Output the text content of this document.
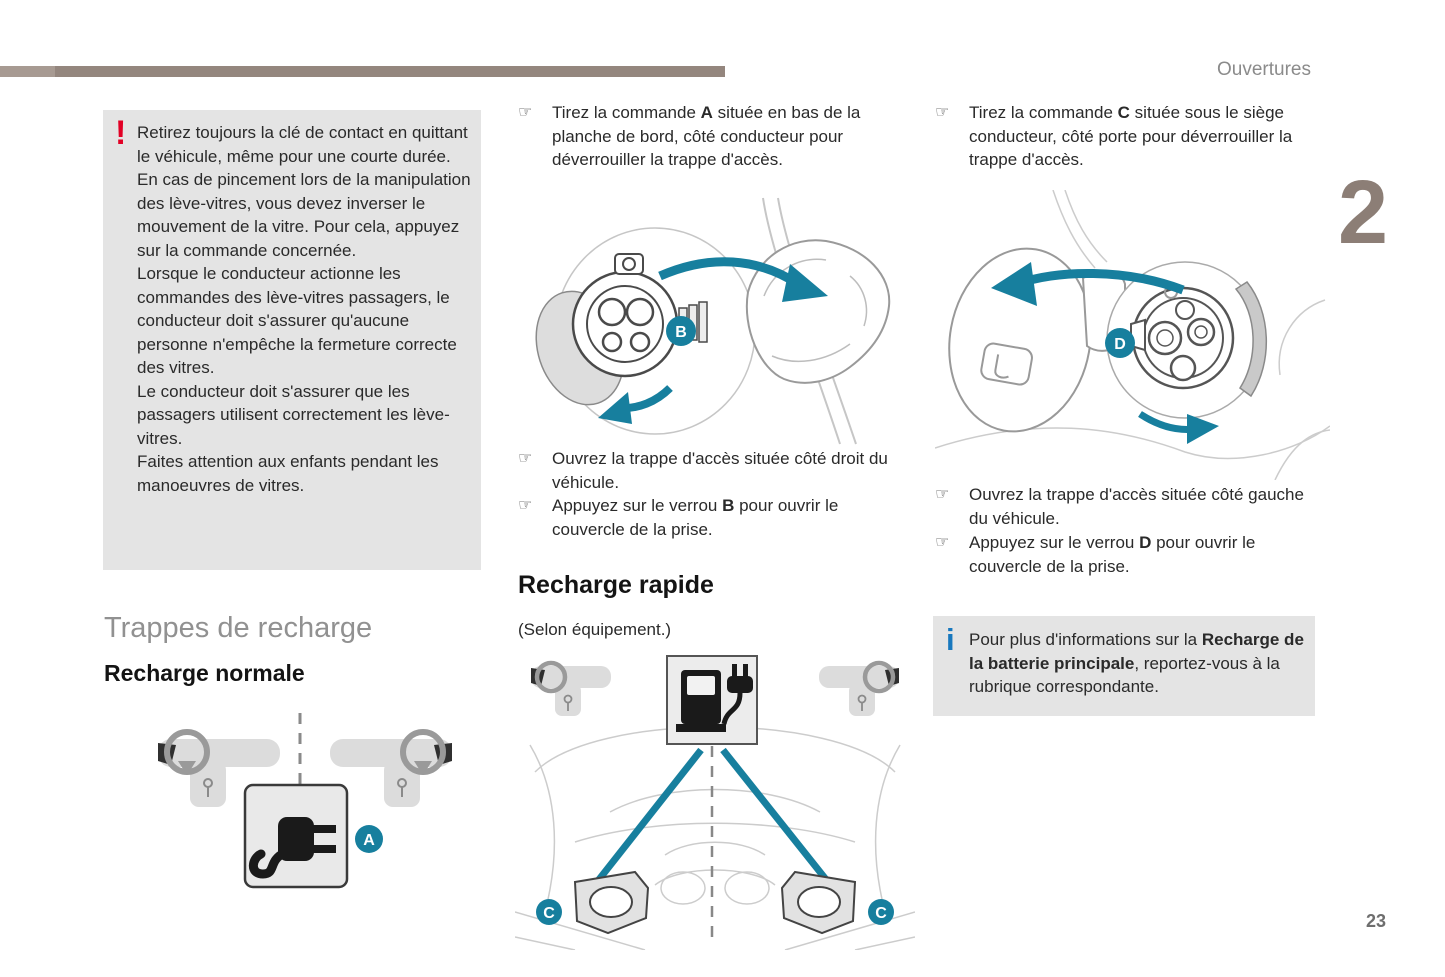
Ouvertures
2
23
! Retirez toujours la clé de contact en quittant le véhicule, même pour une courte durée.

En cas de pincement lors de la manipulation des lève-vitres, vous devez inverser le mouvement de la vitre. Pour cela, appuyez sur la commande concernée.

Lorsque le conducteur actionne les commandes des lève-vitres passagers, le conducteur doit s'assurer qu'aucune personne n'empêche la fermeture correcte des vitres.

Le conducteur doit s'assurer que les passagers utilisent correctement les lève-vitres.

Faites attention aux enfants pendant les manoeuvres de vitres.

Trappes de recharge
Recharge normale
A
☞	Tirez la commande A située en bas de la planche de bord, côté conducteur pour déverrouiller la trappe d'accès.

B
☞	Ouvrez la trappe d'accès située côté droit du véhicule.

☞	Appuyez sur le verrou B pour ouvrir le couvercle de la prise.

Recharge rapide
(Selon équipement.)
C	C
☞	Tirez la commande C située sous le siège conducteur, côté porte pour déverrouiller la trappe d'accès.

D
☞	Ouvrez la trappe d'accès située côté gauche du véhicule.

☞	Appuyez sur le verrou D pour ouvrir le couvercle de la prise.

i Pour plus d'informations sur la Recharge de la batterie principale, reportez-vous à la rubrique correspondante.
